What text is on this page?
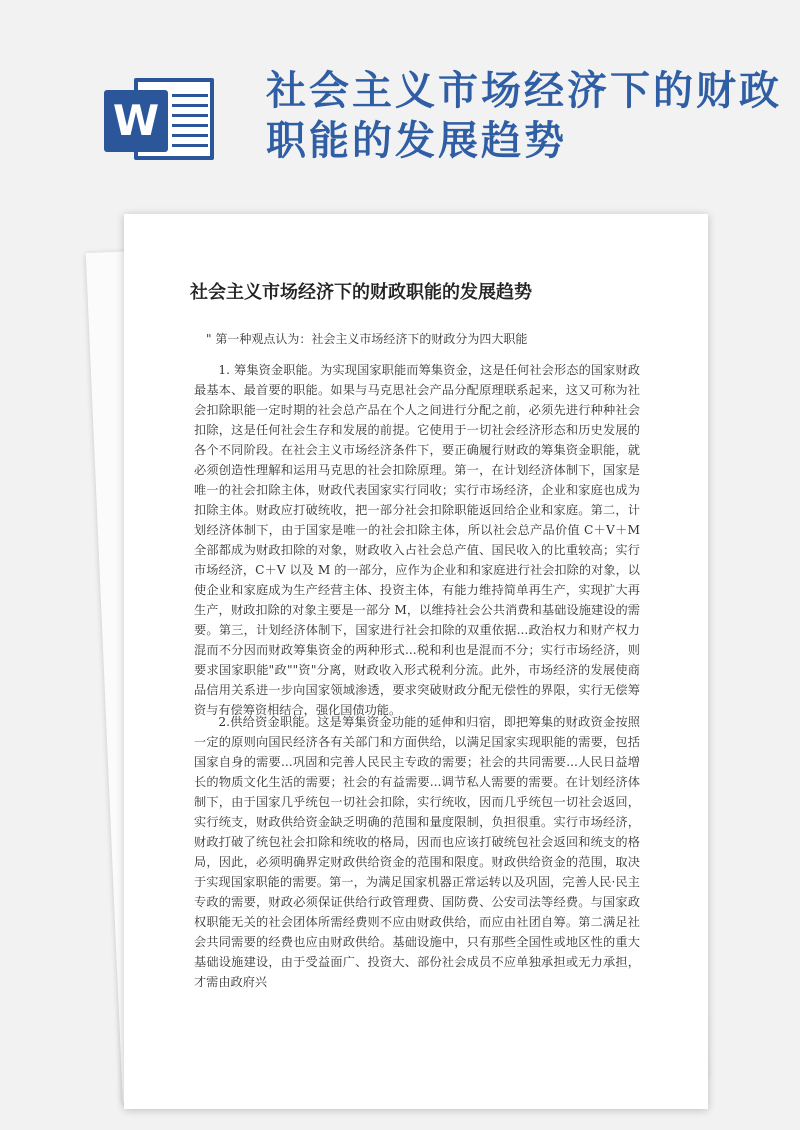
W
社会主义市场经济下的财政职能的发展趋势
社会主义市场经济下的财政职能的发展趋势
" 第一种观点认为：社会主义市场经济下的财政分为四大职能

1. 筹集资金职能。为实现国家职能而筹集资金，这是任何社会形态的国家财政最基本、最首要的职能。如果与马克思社会产品分配原理联系起来，这又可称为社会扣除职能一定时期的社会总产品在个人之间进行分配之前，必须先进行种种社会扣除，这是任何社会生存和发展的前提。它使用于一切社会经济形态和历史发展的各个不同阶段。在社会主义市场经济条件下，要正确履行财政的筹集资金职能，就必须创造性理解和运用马克思的社会扣除原理。第一，在计划经济体制下，国家是唯一的社会扣除主体，财政代表国家实行同收；实行市场经济，企业和家庭也成为扣除主体。财政应打破统收，把一部分社会扣除职能返回给企业和家庭。第二，计划经济体制下，由于国家是唯一的社会扣除主体，所以社会总产品价值 C＋V＋M 全部都成为财政扣除的对象，财政收入占社会总产值、国民收入的比重较高；实行市场经济，C＋V 以及 M 的一部分，应作为企业和和家庭进行社会扣除的对象，以使企业和家庭成为生产经营主体、投资主体，有能力维持简单再生产，实现扩大再生产，财政扣除的对象主要是一部分 M，以维持社会公共消费和基础设施建设的需要。第三，计划经济体制下，国家进行社会扣除的双重依据...政治权力和财产权力混而不分因而财政筹集资金的两种形式...税和利也是混而不分；实行市场经济，则要求国家职能"政""资"分离，财政收入形式税利分流。此外，市场经济的发展使商品信用关系进一步向国家领域渗透，要求突破财政分配无偿性的界限，实行无偿筹资与有偿筹资相结合，强化国债功能。

2.供给资金职能。这是筹集资金功能的延伸和归宿，即把筹集的财政资金按照一定的原则向国民经济各有关部门和方面供给，以满足国家实现职能的需要，包括国家自身的需要...巩固和完善人民民主专政的需要；社会的共同需要...人民日益增长的物质文化生活的需要；社会的有益需要...调节私人需要的需要。在计划经济体制下，由于国家几乎统包一切社会扣除，实行统收，因而几乎统包一切社会返回，实行统支，财政供给资金缺乏明确的范围和量度限制，负担很重。实行市场经济，财政打破了统包社会扣除和统收的格局，因而也应该打破统包社会返回和统支的格局，因此，必须明确界定财政供给资金的范围和限度。财政供给资金的范围，取决于实现国家职能的需要。第一，为满足国家机器正常运转以及巩固，完善人民·民主专政的需要，财政必须保证供给行政管理费、国防费、公安司法等经费。与国家政权职能无关的社会团体所需经费则不应由财政供给，而应由社团自筹。第二满足社会共同需要的经费也应由财政供给。基础设施中，只有那些全国性或地区性的重大基础设施建设，由于受益面广、投资大、部份社会成员不应单独承担或无力承担，才需由政府兴
